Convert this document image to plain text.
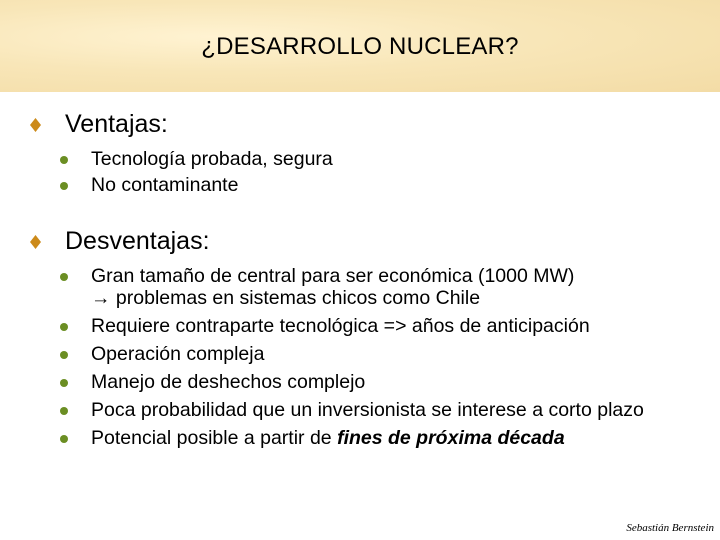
¿DESARROLLO NUCLEAR?
Ventajas:
Tecnología probada, segura
No contaminante
Desventajas:
Gran tamaño de central para ser económica (1000 MW)
→ problemas en sistemas chicos como Chile
Requiere contraparte tecnológica => años de anticipación
Operación compleja
Manejo de deshechos complejo
Poca probabilidad que un inversionista se interese a corto plazo
Potencial posible a partir de fines de próxima década
Sebastián Bernstein
